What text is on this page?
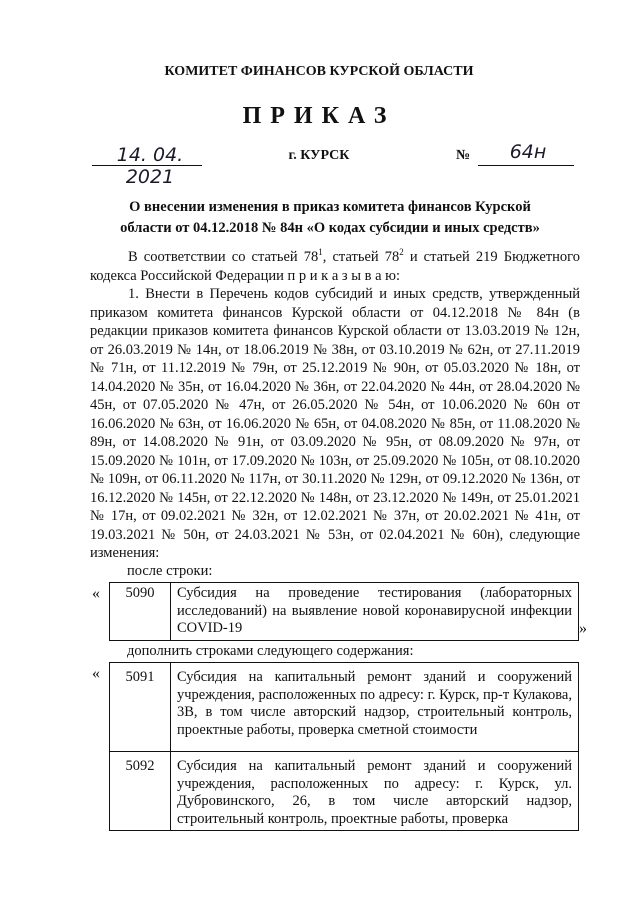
КОМИТЕТ ФИНАНСОВ КУРСКОЙ ОБЛАСТИ
ПРИКАЗ
14. 04. 2021
г. КУРСК	№	64н
О внесении изменения в приказ комитета финансов Курской
области от 04.12.2018 № 84н «О кодах субсидии и иных средств»

В соответствии со статьей $78^1$, статьей $78^2$ и статьей 219 Бюджетного кодекса Российской Федерации п р и к а з ы в а ю:

1. Внести в Перечень кодов субсидий и иных средств, утвержденный приказом комитета финансов Курской области от 04.12.2018 № 84н (в редакции приказов комитета финансов Курской области от 13.03.2019 № 12н, от 26.03.2019 № 14н, от 18.06.2019 № 38н, от 03.10.2019 № 62н, от 27.11.2019 № 71н, от 11.12.2019 № 79н, от 25.12.2019 № 90н, от 05.03.2020 № 18н, от 14.04.2020 № 35н, от 16.04.2020 № 36н, от 22.04.2020 № 44н, от 28.04.2020 № 45н, от 07.05.2020 № 47н, от 26.05.2020 № 54н, от 10.06.2020 № 60н от 16.06.2020 № 63н, от 16.06.2020 № 65н, от 04.08.2020 № 85н, от 11.08.2020 № 89н, от 14.08.2020 № 91н, от 03.09.2020 № 95н, от 08.09.2020 № 97н, от 15.09.2020 № 101н, от 17.09.2020 № 103н, от 25.09.2020 № 105н, от 08.10.2020 № 109н, от 06.11.2020 № 117н, от 30.11.2020 № 129н, от 09.12.2020 № 136н, от 16.12.2020 № 145н, от 22.12.2020 № 148н, от 23.12.2020 № 149н, от 25.01.2021 № 17н, от 09.02.2021 № 32н, от 12.02.2021 № 37н, от 20.02.2021 № 41н, от 19.03.2021 № 50н, от 24.03.2021 № 53н, от 02.04.2021 № 60н), следующие изменения:

после строки:
« 5090	Субсидия на проведение тестирования (лабораторных исследований) на выявление новой коронавирусной инфекции COVID-19	»
дополнить строками следующего содержания:
« 5091	Субсидия на капитальный ремонт зданий и сооружений учреждения, расположенных по адресу: г. Курск, пр-т Кулакова, 3В, в том числе авторский надзор, строительный контроль, проектные работы, проверка сметной стоимости
5092	Субсидия на капитальный ремонт зданий и сооружений учреждения, расположенных по адресу: г. Курск, ул. Дубровинского, 26, в том числе авторский надзор, строительный контроль, проектные работы, проверка
